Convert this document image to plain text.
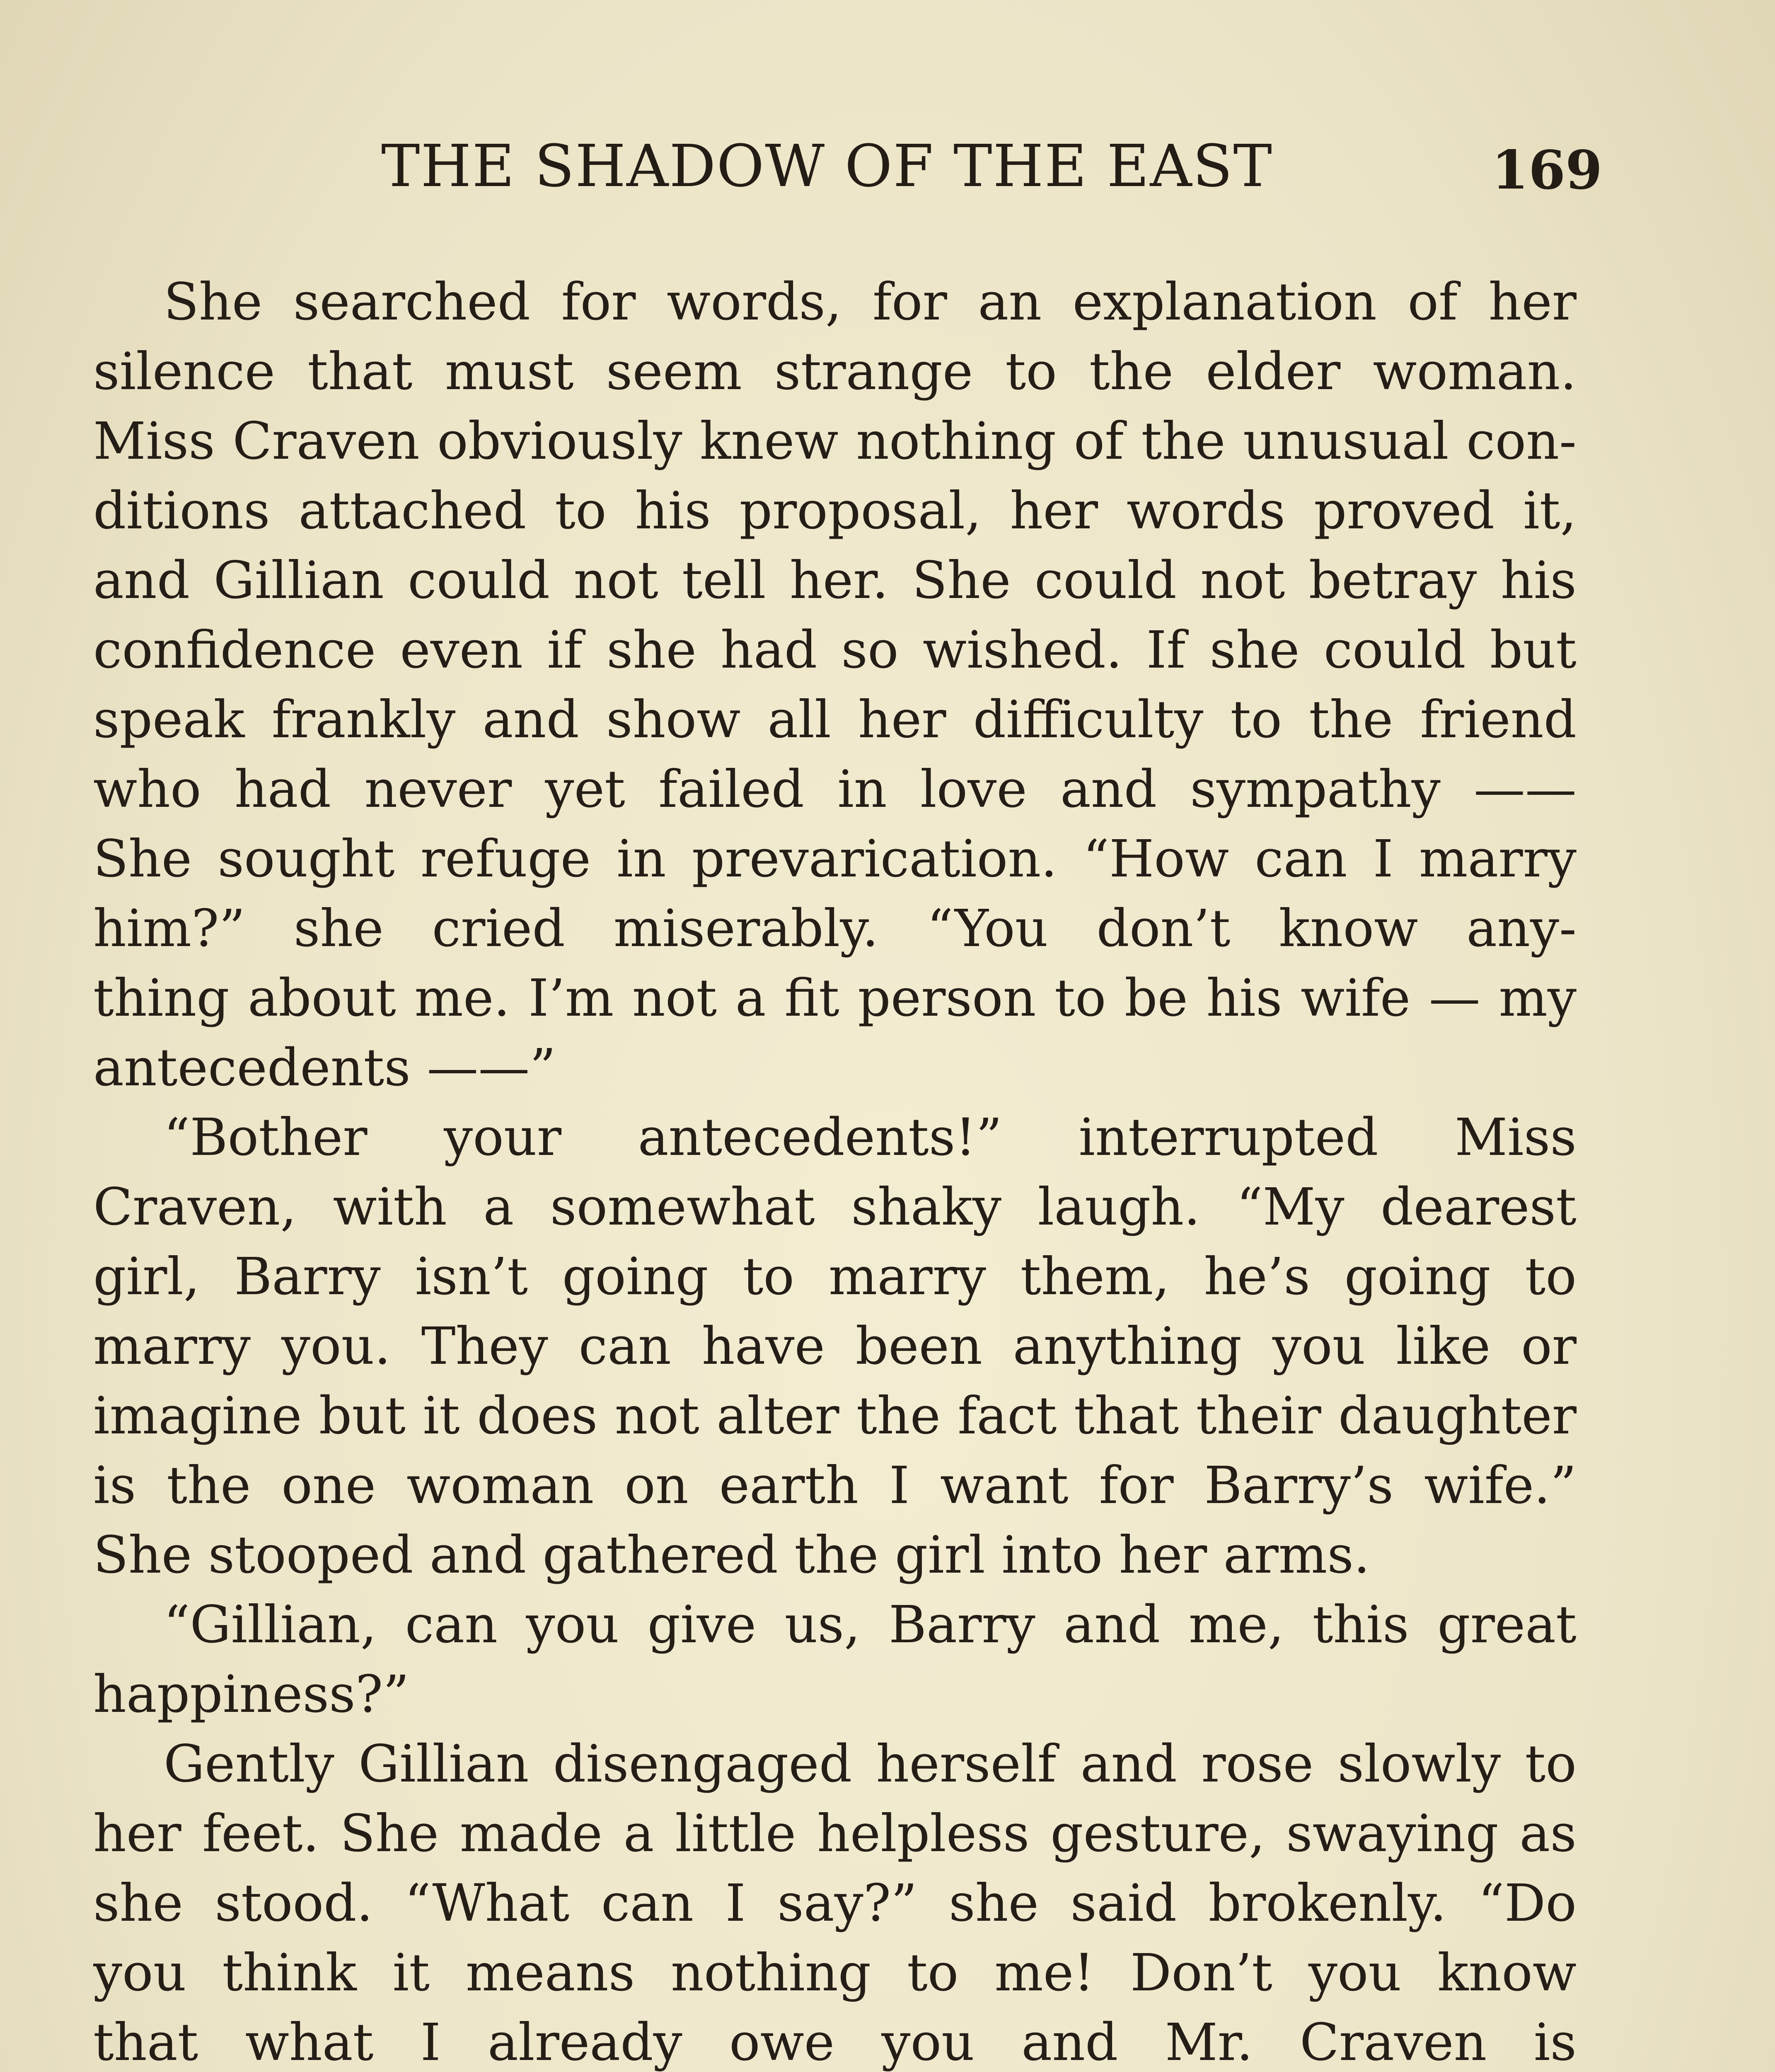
THE SHADOW OF THE EAST	169
She searched for words, for an explanation of her
silence that must seem strange to the elder woman.
Miss Craven obviously knew nothing of the unusual con-
ditions attached to his proposal, her words proved it,
and Gillian could not tell her. She could not betray his
confidence even if she had so wished. If she could but
speak frankly and show all her difficulty to the friend
who had never yet failed in love and sympathy ——
She sought refuge in prevarication. “How can I marry
him?” she cried miserably. “You don’t know any-
thing about me. I’m not a fit person to be his wife — my
antecedents ——”
“Bother your antecedents!” interrupted Miss
Craven, with a somewhat shaky laugh. “My dearest
girl, Barry isn’t going to marry them, he’s going to
marry you. They can have been anything you like or
imagine but it does not alter the fact that their daughter
is the one woman on earth I want for Barry’s wife.”
She stooped and gathered the girl into her arms.
“Gillian, can you give us, Barry and me, this great
happiness?”
Gently Gillian disengaged herself and rose slowly to
her feet. She made a little helpless gesture, swaying as
she stood. “What can I say?” she said brokenly. “Do
you think it means nothing to me! Don’t you know
that what I already owe you and Mr. Craven is
